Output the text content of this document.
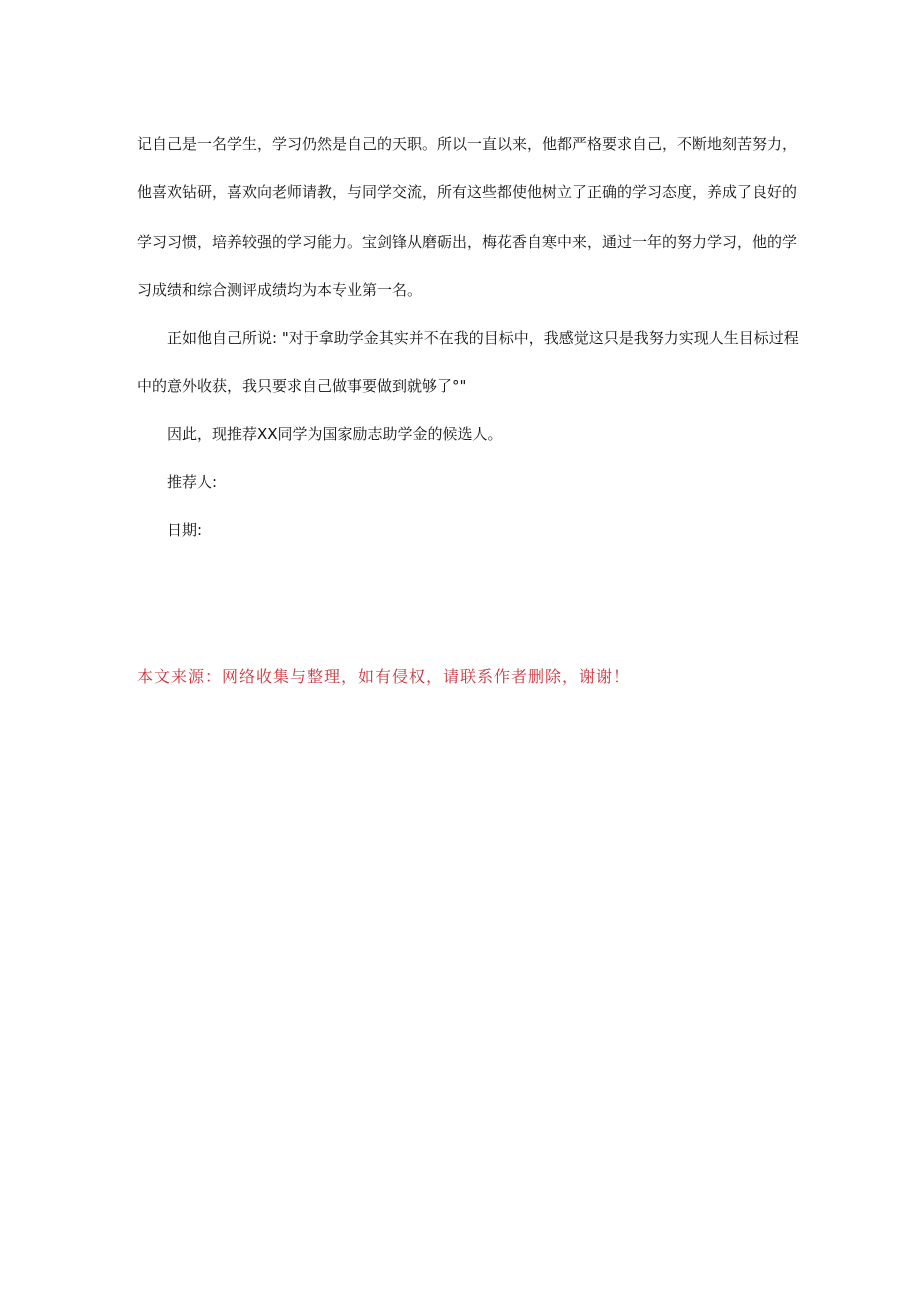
记自己是一名学生，学习仍然是自己的天职。所以一直以来，他都严格要求自己，不断地刻苦努力，

他喜欢钻研，喜欢向老师请教，与同学交流，所有这些都使他树立了正确的学习态度，养成了良好的

学习习惯，培养较强的学习能力。宝剑锋从磨砺出，梅花香自寒中来，通过一年的努力学习，他的学

习成绩和综合测评成绩均为本专业第一名。

正如他自己所说: "对于拿助学金其实并不在我的目标中，我感觉这只是我努力实现人生目标过程

中的意外收获，我只要求自己做事要做到就够了°"

因此，现推荐XX同学为国家励志助学金的候选人。

推荐人:

日期:

本文来源：网络收集与整理，如有侵权，请联系作者删除，谢谢！
